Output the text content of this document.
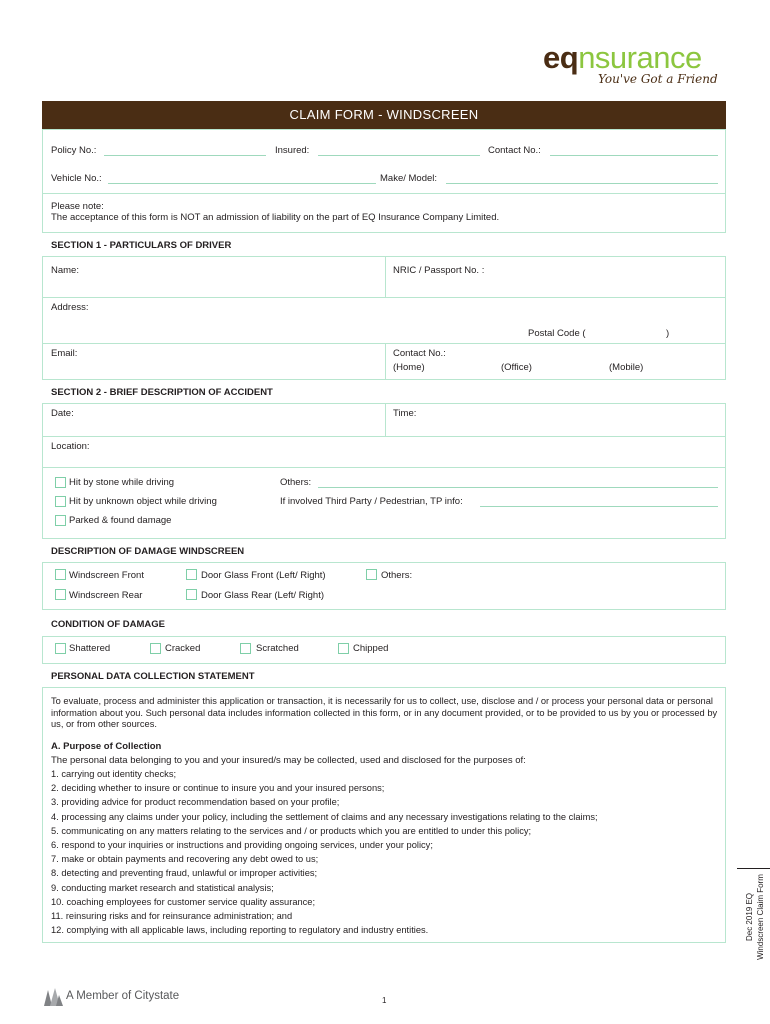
eqnsurance
You've Got a Friend
CLAIM FORM - WINDSCREEN
Policy No.:	Insured:	Contact No.:
Vehicle No.:	Make/ Model:
Please note:
The acceptance of this form is NOT an admission of liability on the part of EQ Insurance Company Limited.
SECTION 1 - PARTICULARS OF DRIVER
Name:	NRIC / Passport No. :
Address:
Postal Code (	)
Email:	Contact No.:
(Home)	(Office)	(Mobile)
SECTION 2 - BRIEF DESCRIPTION OF ACCIDENT
Date:	Time:
Location:
Hit by stone while driving
Hit by unknown object while driving
Parked & found damage
Others:
If involved Third Party / Pedestrian, TP info:
DESCRIPTION OF DAMAGE WINDSCREEN
Windscreen Front
Windscreen Rear
Door Glass Front (Left/ Right)
Door Glass Rear (Left/ Right)
Others:
CONDITION OF DAMAGE
Shattered	Cracked	Scratched	Chipped
PERSONAL DATA COLLECTION STATEMENT
To evaluate, process and administer this application or transaction, it is necessarily for us to collect, use, disclose and / or process your personal data or personal information about you. Such personal data includes information collected in this form, or in any document provided, or to be provided to us by you or processed by us, or from other sources.
A. Purpose of Collection
The personal data belonging to you and your insured/s may be collected, used and disclosed for the purposes of:
1. carrying out identity checks;
2. deciding whether to insure or continue to insure you and your insured persons;
3. providing advice for product recommendation based on your profile;
4. processing any claims under your policy, including the settlement of claims and any necessary investigations relating to the claims;
5. communicating on any matters relating to the services and / or products which you are entitled to under this policy;
6. respond to your inquiries or instructions and providing ongoing services, under your policy;
7. make or obtain payments and recovering any debt owed to us;
8. detecting and preventing fraud, unlawful or improper activities;
9. conducting market research and statistical analysis;
10. coaching employees for customer service quality assurance;
11. reinsuring risks and for reinsurance administration; and
12. complying with all applicable laws, including reporting to regulatory and industry entities.	Dec 2019 EQ Windscreen Claim Form
A Member of Citystate	1
